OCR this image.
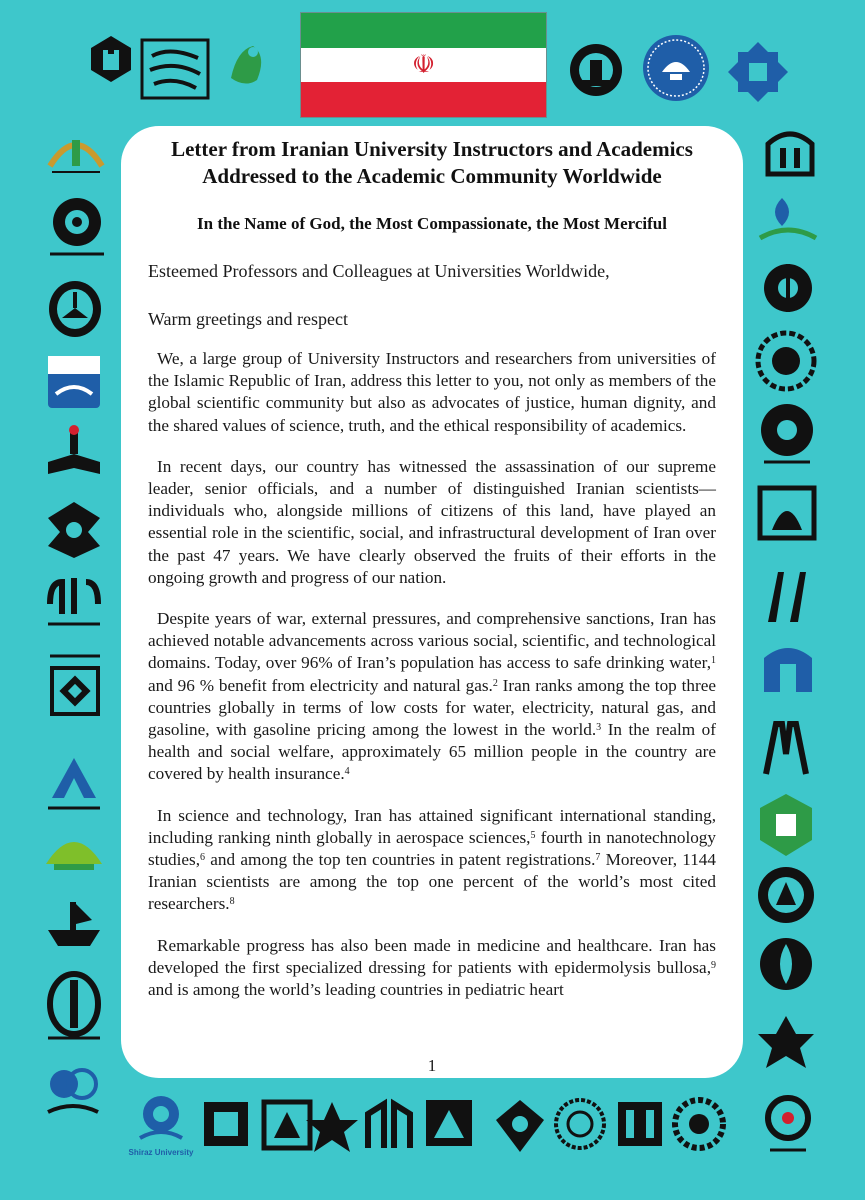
☫
Shiraz University
Letter from Iranian University Instructors and Academics
Addressed to the Academic Community Worldwide
In the Name of God, the Most Compassionate, the Most Merciful
Esteemed Professors and Colleagues at Universities Worldwide,
Warm greetings and respect

We, a large group of University Instructors and researchers from universities of the Islamic Republic of Iran, address this letter to you, not only as members of the global scientific community but also as advocates of justice, human dignity, and the shared values of science, truth, and the ethical responsibility of academics.

In recent days, our country has witnessed the assassination of our supreme leader, senior officials, and a number of distinguished Iranian scientists—individuals who, alongside millions of citizens of this land, have played an essential role in the scientific, social, and infrastructural development of Iran over the past 47 years. We have clearly observed the fruits of their efforts in the ongoing growth and progress of our nation.

Despite years of war, external pressures, and comprehensive sanctions, Iran has achieved notable advancements across various social, scientific, and technological domains. Today, over 96% of Iran’s population has access to safe drinking water,$^1$ and 96 % benefit from electricity and natural gas.$^2$ Iran ranks among the top three countries globally in terms of low costs for water, electricity, natural gas, and gasoline, with gasoline pricing among the lowest in the world.$^3$ In the realm of health and social welfare, approximately 65 million people in the country are covered by health insurance.$^4$

In science and technology, Iran has attained significant international standing, including ranking ninth globally in aerospace sciences,$^5$ fourth in nanotechnology studies,$^6$ and among the top ten countries in patent registrations.$^7$ Moreover, 1144 Iranian scientists are among the top one percent of the world’s most cited researchers.$^8$

Remarkable progress has also been made in medicine and healthcare. Iran has developed the first specialized dressing for patients with epidermolysis bullosa,$^9$ and is among the world’s leading countries in pediatric heart

1
